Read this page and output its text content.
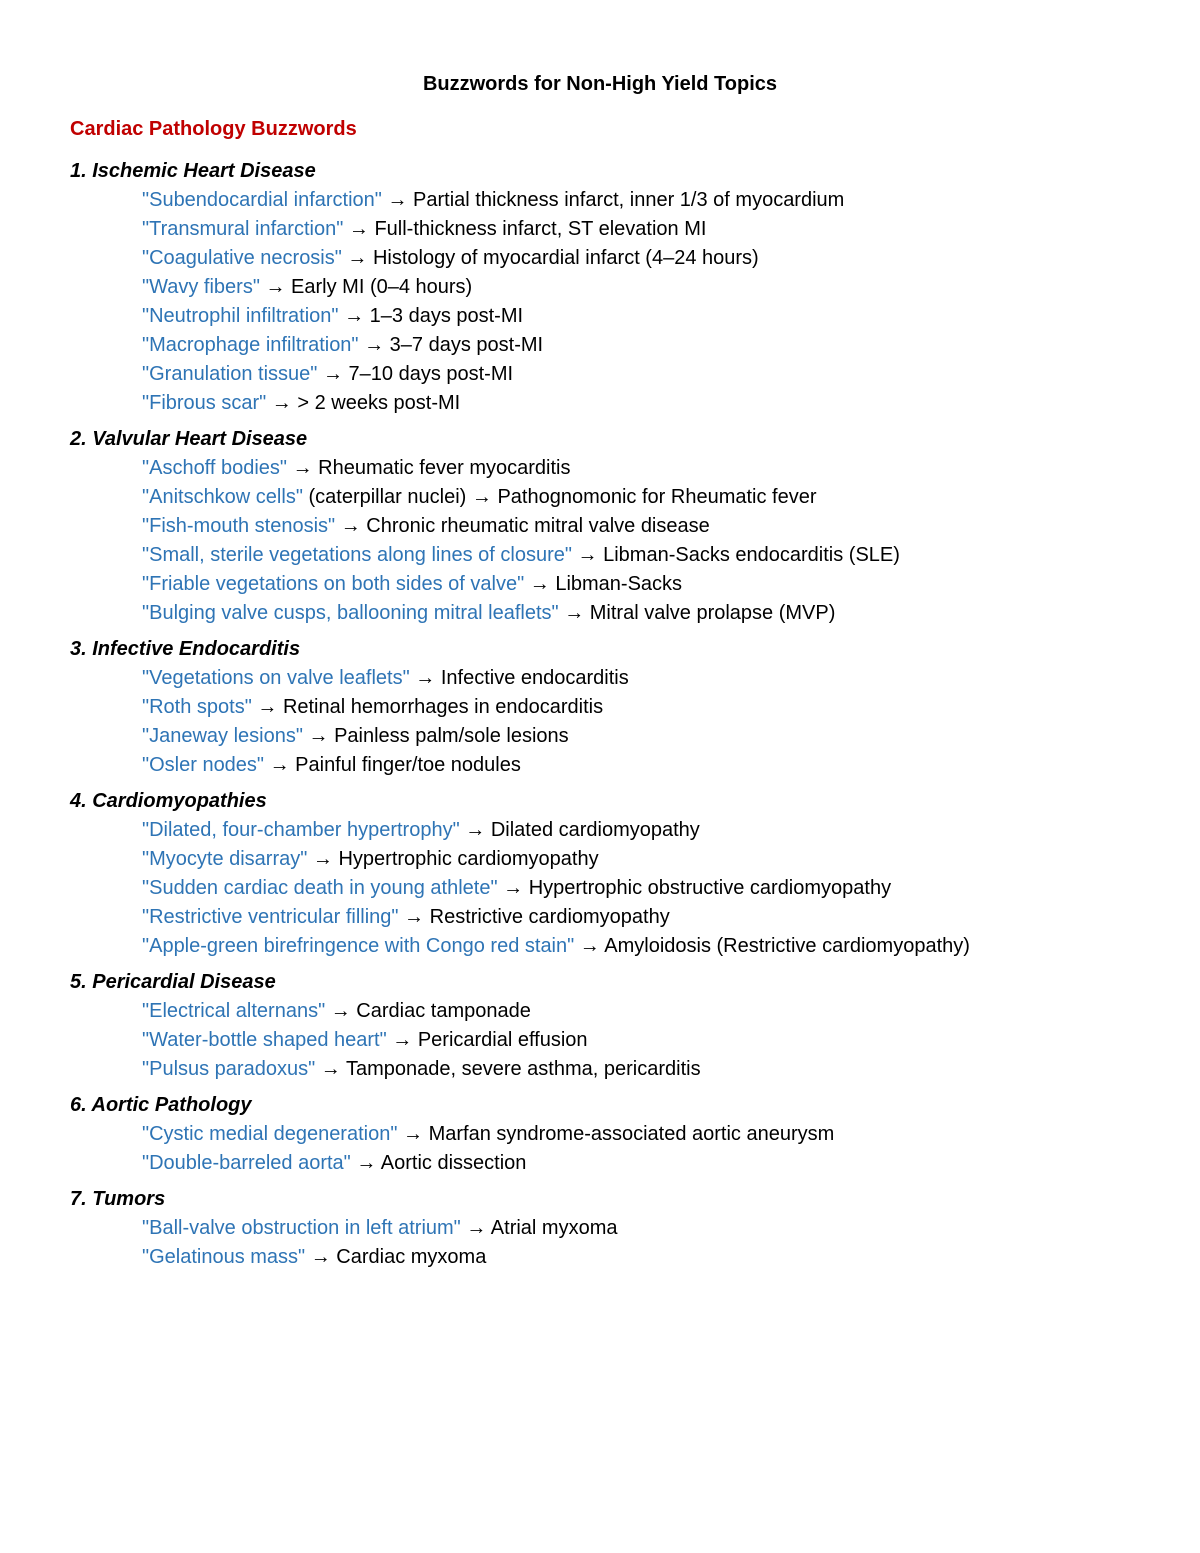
Buzzwords for Non-High Yield Topics
Cardiac Pathology Buzzwords
1. Ischemic Heart Disease
"Subendocardial infarction" → Partial thickness infarct, inner 1/3 of myocardium
"Transmural infarction" → Full-thickness infarct, ST elevation MI
"Coagulative necrosis" → Histology of myocardial infarct (4–24 hours)
"Wavy fibers" → Early MI (0–4 hours)
"Neutrophil infiltration" → 1–3 days post-MI
"Macrophage infiltration" → 3–7 days post-MI
"Granulation tissue" → 7–10 days post-MI
"Fibrous scar" → > 2 weeks post-MI
2. Valvular Heart Disease
"Aschoff bodies" → Rheumatic fever myocarditis
"Anitschkow cells" (caterpillar nuclei) → Pathognomonic for Rheumatic fever
"Fish-mouth stenosis" → Chronic rheumatic mitral valve disease
"Small, sterile vegetations along lines of closure" → Libman-Sacks endocarditis (SLE)
"Friable vegetations on both sides of valve" → Libman-Sacks
"Bulging valve cusps, ballooning mitral leaflets" → Mitral valve prolapse (MVP)
3. Infective Endocarditis
"Vegetations on valve leaflets" → Infective endocarditis
"Roth spots" → Retinal hemorrhages in endocarditis
"Janeway lesions" → Painless palm/sole lesions
"Osler nodes" → Painful finger/toe nodules
4. Cardiomyopathies
"Dilated, four-chamber hypertrophy" → Dilated cardiomyopathy
"Myocyte disarray" → Hypertrophic cardiomyopathy
"Sudden cardiac death in young athlete" → Hypertrophic obstructive cardiomyopathy
"Restrictive ventricular filling" → Restrictive cardiomyopathy
"Apple-green birefringence with Congo red stain" → Amyloidosis (Restrictive cardiomyopathy)
5. Pericardial Disease
"Electrical alternans" → Cardiac tamponade
"Water-bottle shaped heart" → Pericardial effusion
"Pulsus paradoxus" → Tamponade, severe asthma, pericarditis
6. Aortic Pathology
"Cystic medial degeneration" → Marfan syndrome-associated aortic aneurysm
"Double-barreled aorta" → Aortic dissection
7. Tumors
"Ball-valve obstruction in left atrium" → Atrial myxoma
"Gelatinous mass" → Cardiac myxoma
